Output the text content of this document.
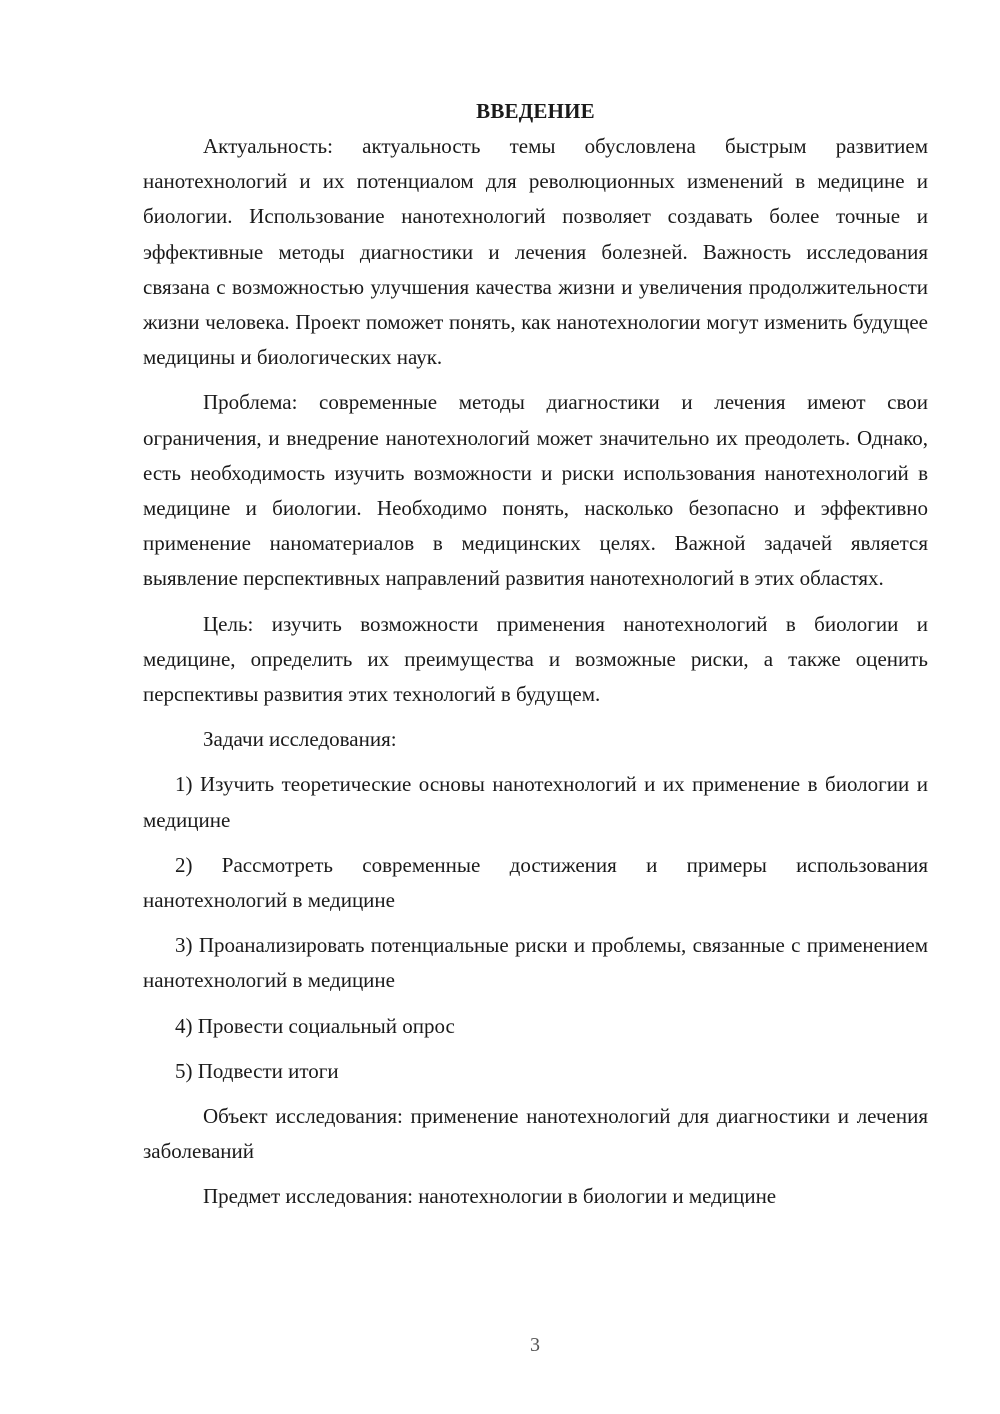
ВВЕДЕНИЕ

Актуальность: актуальность темы обусловлена быстрым развитием нанотехнологий и их потенциалом для революционных изменений в медицине и биологии. Использование нанотехнологий позволяет создавать более точные и эффективные методы диагностики и лечения болезней. Важность исследования связана с возможностью улучшения качества жизни и увеличения продолжительности жизни человека. Проект поможет понять, как нанотехнологии могут изменить будущее медицины и биологических наук.

Проблема: современные методы диагностики и лечения имеют свои ограничения, и внедрение нанотехнологий может значительно их преодолеть. Однако, есть необходимость изучить возможности и риски использования нанотехнологий в медицине и биологии. Необходимо понять, насколько безопасно и эффективно применение наноматериалов в медицинских целях. Важной задачей является выявление перспективных направлений развития нанотехнологий в этих областях.

Цель: изучить возможности применения нанотехнологий в биологии и медицине, определить их преимущества и возможные риски, а также оценить перспективы развития этих технологий в будущем.

Задачи исследования:

1) Изучить теоретические основы нанотехнологий и их применение в биологии и медицине

2) Рассмотреть современные достижения и примеры использования нанотехнологий в медицине

3) Проанализировать потенциальные риски и проблемы, связанные с применением нанотехнологий в медицине

4) Провести социальный опрос

5) Подвести итоги

Объект исследования: применение нанотехнологий для диагностики и лечения заболеваний

Предмет исследования: нанотехнологии в биологии и медицине

3
